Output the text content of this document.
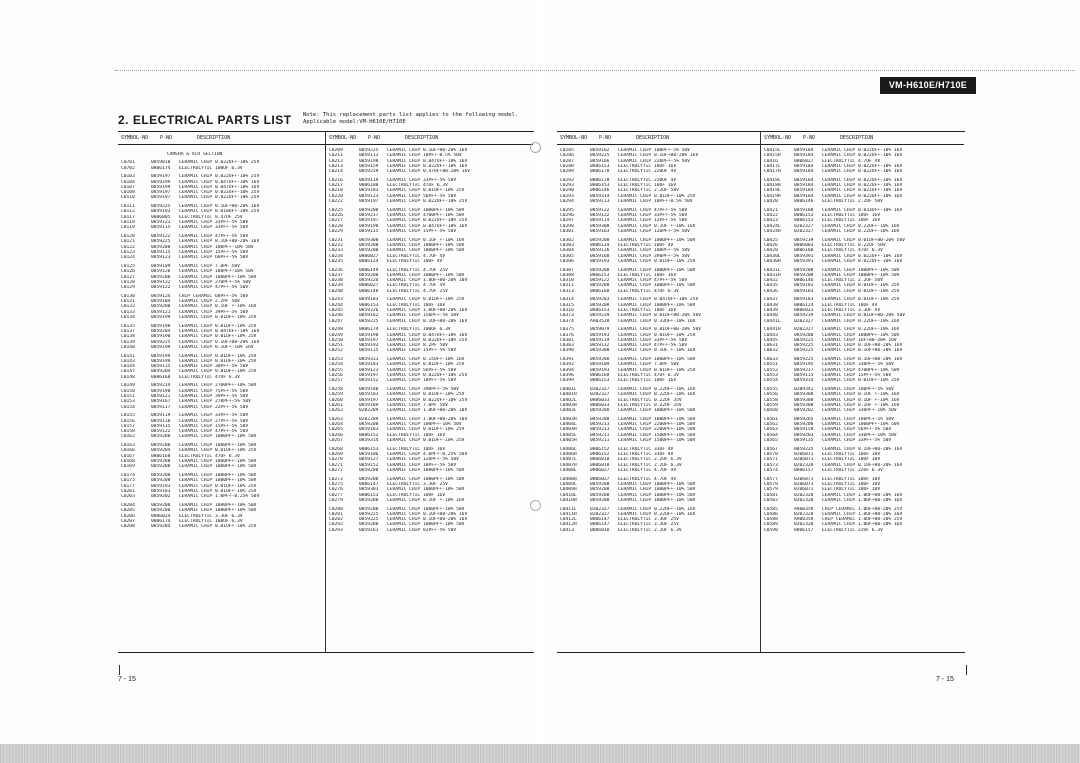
VM-H610E/H710E
2. ELECTRICAL PARTS LIST Note: This replacement parts list applies to the following model.
Applicable model:VM-H610E/H710E
SYMBOL-NO P-NO	DESCRIPTION
CAMERA & VCR SECTION
C0701	0859818 CERAMIC CHIP 0.022UF+-10% 25V
C0702	0806174 ELECTROLYTIC 100UF 6.3V
C0103	0859197 CERAMIC CHIP 0.022UF+-10% 25V
C0104	0859199 CERAMIC CHIP 0.047UF+-10% 16V
C0107	0859199 CERAMIC CHIP 0.047UF+-10% 16V
C0108	0859197 CERAMIC CHIP 0.022UF+-10% 25V
C0110	0859197 CERAMIC CHIP 0.022UF+-10% 25V
C0111	0859225 CERAMIC CHIP 0.1UF+80-20% 16V
C0112	0859193 CERAMIC CHIP 0.010UF+-10% 25V
C0117	0806005 ELECTROLYTIC 0.47UF 25V
C0118	0859121 CERAMIC CHIP 33PF+-5% 50V
C0119	0859115 CERAMIC CHIP 33PF+-5% 50V
C0120	0859122 CERAMIC CHIP 47PF+-5% 50V
C0121	0859225 CERAMIC CHIP 0.1UF+80-20% 16V
C0122	0859208 CERAMIC CHIP 100PF+-10% 50V
C0123	0859115 CERAMIC CHIP 15PF+-5% 50V
C0124	0859123 CERAMIC CHIP 68PF+-5% 50V
C0125	0859109 CERAMIC CHIP 7.0PF 50V
C0126	0859126 CERAMIC CHIP 180PF+-10% 50V
C0127	0859208 CERAMIC CHIP 1000PF+-10% 50V
C0128	0859132 CERAMIC CHIP 270PF+-5% 50V
C0129	0859122 CERAMIC CHIP 47PF+-5% 50V
C0130	0859124 CHIP CERAMIC 68PF+-5% 50V
C0131	0859104 CERAMIC CHIP 2.2PF 50V
C0132	0859208 CERAMIC CHIP 0.1UF +-10% 16V
C0133	0859121 CERAMIC CHIP 39PF+-5% 50V
C0134	0859199 CERAMIC CHIP 0.01UF+-10% 25V
C0135	0859198 CERAMIC CHIP 0.01UF+-10% 25V
C0137	0859204 CERAMIC CHIP 0.047UF+-10% 16V
C0138	0859190 CERAMIC CHIP 0.01UF+-10% 25V
C0139	0859225 CERAMIC CHIP 0.1UF+80-20% 16V
C0140	0859199 CERAMIC CHIP 0.1UF+-10% 16V
C0141	0859199 CERAMIC CHIP 0.01UF+-10% 25V
C0143	0859199 CERAMIC CHIP 0.01UF+-10% 25V
C0144	0859115 CERAMIC CHIP 30PF+-5% 50V
C0147	0859204 CERAMIC CHIP 0.01UF+-10% 25V
C0148	0806168 ELECTROLYTIC 47UF 6.3V
C0149	0859214 CERAMIC CHIP 2700PF+-10% 50V
C0150	0859198 CERAMIC CHIP 75PF+-5% 50V
C0151	0859121 CERAMIC CHIP 39PF+-5% 50V
C0153	0859167 CERAMIC CHIP 270PF+-5% 50V
C0154	0859117 CERAMIC CHIP 22PF+-5% 50V
C0155	0859119 CERAMIC CHIP 33PF+-5% 50V
C0156	0859118 CERAMIC CHIP 27PF+-5% 50V
C0157	0859115 CERAMIC CHIP 15PF+-5% 50V
C0158	0859122 CERAMIC CHIP 47PF+-5% 50V
C0162	0859208 CERAMIC CHIP 1000PF+-10% 50V
C0163	0859208 CERAMIC CHIP 1000PF+-10% 50V
C0166	0859204 CERAMIC CHIP 0.01UF+-10% 25V
C0167	0806168 ELECTROLYTIC 47UF 6.3V
C0168	0859208 CERAMIC CHIP 1000PF+-10% 50V
C0169	0859208 CERAMIC CHIP 1000PF+-10% 50V
C0174	0859208 CERAMIC CHIP 1000PF+-10% 50V
C0175	0859208 CERAMIC CHIP 1000PF+-10% 50V
C0177	0859193 CERAMIC CHIP 0.01UF+-10% 25V
C0201	0859183 CERAMIC CHIP 0.01UF+-10% 25V
C0203	0859202 CERAMIC CHIP 1.0PF+-0.25% 50V
C0204	0859208 CERAMIC CHIP 1000PF+-10% 50V
C0205	0859208 CERAMIC CHIP 1000PF+-10% 50V
C0206	0806024 ELECTROLYTIC 3.3UF 6.3V
C0207	0806174 ELECTROLYTIC 100UF 6.3V
C0208	0859204 CERAMIC CHIP 0.01UF+-10% 25V
SYMBOL-NO P-NO	DESCRIPTION
C0209	0859225 CERAMIC CHIP 0.1UF+80-20% 16V
C0211	0859113 CERAMIC CHIP 10PF+-0.5% 50V
C0212	0859198 CERAMIC CHIP 0.047UF+-10% 16V
C0213	0859159 CERAMIC CHIP 0.022UF+-10% 16V
C0214	0859259 CERAMIC CHIP 0.47UF+80-20% 16V
C0216	0859119 CERAMIC CHIP 33PF+-5% 50V
C0217	0806188 ELECTROLYTIC 47UF 6.3V
C0218	0859183 CERAMIC CHIP 0.01UF+-10% 25V
C0220	0859123 CERAMIC CHIP 56PF+-5% 50V
C0222	0859197 CERAMIC CHIP 0.022UF+-10% 25V
C0225	0859208 CERAMIC CHIP 1000PF+-10% 50V
C0226	0859217 CERAMIC CHIP 4700PF+-10% 50V
C0227	0859197 CERAMIC CHIP 0.022UF+-10% 25V
C0228	0859198 CERAMIC CHIP 0.047UF+-10% 16V
C0229	0859115 CERAMIC CHIP 15PF+-5% 50V
C0231	0859308 CERAMIC CHIP 0.1UF +-10% 16V
C0232	0859208 CERAMIC CHIP 1000PF+-10% 50V
C0233	0859208 CERAMIC CHIP 1000PF+-10% 50V
C0234	0806027 ELECTROLYTIC 4.7UF 4V
C0235	0806124 ELECTROLYTIC 10UF 4V
C0236	0806149 ELECTROLYTIC 4.7UF 25V
C0237	0859208 CERAMIC CHIP 1000PF+-10% 50V
C0238	0859226 CERAMIC CHIP 1.0UF+80-20% 10V
C0239	0806027 ELECTROLYTIC 4.7UF 4V
C0240	0806148 ELECTROLYTIC 4.7UF 25V
C0243	0859183 CERAMIC CHIP 0.01UF+-10% 25V
C0244	0806153 ELECTROLYTIC 10UF 16V
C0245	0859226 CERAMIC CHIP 1.0UF+80-20% 16V
C0246	0859162 CERAMIC CHIP 150PF+-5% 50V
C0247	0859225 CERAMIC CHIP 0.1UF+80-20% 16V
C0248	0806174 ELECTROLYTIC 100UF 6.3V
C0249	0859198 CERAMIC CHIP 0.047UF+-10% 16V
C0250	0859197 CERAMIC CHIP 0.022UF+-10% 25V
C0251	0859193 CERAMIC CHIP 8.2PF 50V
C0252	0859115 CERAMIC CHIP 15PF+-5% 50V
C0253	0859311 CERAMIC CHIP 0.15UF+-10% 16V
C0254	0859183 CERAMIC CHIP 0.01UF+-10% 25V
C0255	0859123 CERAMIC CHIP 56PF+-5% 50V
C0256	0859197 CERAMIC CHIP 0.022UF+-10% 25V
C0257	0859152 CERAMIC CHIP 18PF+-5% 50V
C0258	0859180 CERAMIC CHIP 390PF+-5% 50V
C0259	0859183 CERAMIC CHIP 0.01UF+-10% 25V
C0260	0859197 CERAMIC CHIP 0.022UF+-10% 25V
C0261	0859189 CERAMIC CHIP 7.0PF 50V
C0262	0202289 CERAMIC CHIP 1.0UF+80-20% 10V
C0263	0202289 CERAMIC CHIP 1.0UF+80-20% 10V
C0264	0859208 CERAMIC CHIP 100PF+-10% 50V
C0265	0859183 CERAMIC CHIP 0.01UF+-10% 25V
C0266	0806152 ELECTROLYTIC 10UF 16V
C0267	0859314 CERAMIC CHIP 0.01UF+-10% 25V
C0268	0806153 ELECTROLYTIC 10UF 16V
C0269	0859106 CERAMIC CHIP 4.0PF+-0.25% 50V
C0270	0859127 CERAMIC CHIP 120PF+-5% 50V
C0271	0859152 CERAMIC CHIP 18PF+-5% 50V
C0272	0859208 CERAMIC CHIP 1000PF+-10% 50V
C0273	0859208 CERAMIC CHIP 1000PF+-10% 50V
C0275	0806147 ELECTROLYTIC 3.3UF 25V
C0276	0859301 CERAMIC CHIP 1000PF+-10% 50V
C0277	0806153 ELECTROLYTIC 10UF 16V
C0279	0859208 CERAMIC CHIP 0.1UF +-10% 16V
C0280	0859208 CERAMIC CHIP 1000PF+-10% 50V
C0281	0859225 CERAMIC CHIP 0.1UF+80-20% 16V
C0282	0859225 CERAMIC CHIP 0.1UF+80-20% 16V
C0292	0859208 CERAMIC CHIP 1000PF+-10% 50V
C0293	0859161 CERAMIC CHIP 82PF+-5% 50V
SYMBOL-NO P-NO	DESCRIPTION
C0285	0859162 CERAMIC CHIP 100PF+-5% 50V
C0286	0859225 CERAMIC CHIP 0.1UF+80-20% 16V
C0287	0859166 CERAMIC CHIP 220PF+-5% 50V
C0288	0806153 ELECTROLYTIC 10UF 16V
C0289	0806178 ELECTROLYTIC 220UF 4V
C0292	0806178 ELECTROLYTIC 220UF 4V
C0293	0806153 ELECTROLYTIC 10UF 16V
C0290	0806146 ELECTROLYTIC 2.2UF 50V
C0293	0859314 CERAMIC CHIP 0.01UF+-10% 25V
C0294	0859113 CERAMIC CHIP 10PF+-0.5% 50V
C0295	0859122 CERAMIC CHIP 47PF+-5% 50V
C0296	0859122 CERAMIC CHIP 33PF+-5% 50V
C0297	0859114 CERAMIC CHIP 12PF+-5% 50V
C0298	0859308 CERAMIC CHIP 0.1UF +-10% 16V
C0301	0859163 CERAMIC CHIP 120PF+-5% 50V
C0302	0859208 CERAMIC CHIP 1000PF+-10% 50V
C0303	0806124 ELECTROLYTIC 10UF 4V
C0304	0859126 CERAMIC CHIP 100PF+-5% 50V
C0305	0859168 CERAMIC CHIP 390PF+-5% 50V
C0306	0859193 CERAMIC CHIP 0.01UF+-10% 25V
C0307	0859208 CERAMIC CHIP 1000PF+-10% 50V
C0308	0806153 ELECTROLYTIC 10UF 16V
C0310	0859122 CERAMIC CHIP 47PF+-5% 50V
C0311	0859208 CERAMIC CHIP 1000PF+-10% 50V
C0313	0806168 ELECTROLYTIC 47UF 6.3V
C0314	0859203 CERAMIC CHIP 0.047UF+-10% 25V
C0315	0859208 CERAMIC CHIP 1000PF+-10% 50V
C0316	0806153 ELECTROLYTIC 10UF 16V
C0373	0859239 CERAMIC CHIP 0.01UF+80-20% 50V
C0374	AA0352R CERAMIC CHIP 0.33UF+-10% 16V
C0375	0859079 CERAMIC CHIP 0.01UF+80-20% 50V
C0376	0859193 CERAMIC CHIP 0.01UF+-10% 25V
C0381	0859119 CERAMIC CHIP 33PF+-5% 50V
C0383	0859122 CERAMIC CHIP 47PF+-5% 50V
C0390	0859308 CERAMIC CHIP 0.1UF +-10% 16V
C0391	0859208 CERAMIC CHIP 1000PF+-10% 50V
C0392	0859109 CERAMIC CHIP 7.0PF 50V
C0394	0859193 CERAMIC CHIP 0.01UF+-10% 25V
C0396	0806168 ELECTROLYTIC 47UF 6.3V
C0399	0806153 ELECTROLYTIC 10UF 16V
C0401L	0202327 CERAMIC CHIP 0.22UF+-10% 16V
C0401H	0202327 CERAMIC CHIP 0.22UF+-10% 16V
C0402L	0806033 ELECTROLYTIC 0.22UF 35V
C0403H	0806033 ELECTROLYTIC 0.22UF 35V
C0403L	0859208 CERAMIC CHIP 1000PF+-10% 50V
C0403H	0859208 CERAMIC CHIP 1000PF+-10% 50V
C0404L	0859213 CERAMIC CHIP 2200PF+-10% 50V
C0404H	0859213 CERAMIC CHIP 2200PF+-10% 50V
C0405L	0859211 CERAMIC CHIP 1500PF+-10% 50V
C0405H	0859211 CERAMIC CHIP 1500PF+-10% 50V
C0406L	0806152 ELECTROLYTIC 33UF 4V
C0406H	0806152 ELECTROLYTIC 33UF 4V
C0407L	0806018 ELECTROLYTIC 2.2UF 6.3V
C0407H	0806018 ELECTROLYTIC 2.2UF 6.3V
C0408L	0806027 ELECTROLYTIC 4.7UF 4V
C0408H	0806027 ELECTROLYTIC 4.7UF 4V
C0409L	0859208 CERAMIC CHIP 1000PF+-10% 50V
C0409H	0859208 CERAMIC CHIP 1000PF+-10% 50V
C0410L	0859208 CERAMIC CHIP 1000PF+-10% 50V
C0410H	0859208 CERAMIC CHIP 1000PF+-10% 50V
C0411L	0202327 CERAMIC CHIP 0.22UF+-10% 16V
C0411H	0202327 CERAMIC CHIP 0.22UF+-10% 16V
C0412L	0806147 ELECTROLYTIC 3.3UF 25V
C0412H	0806147 ELECTROLYTIC 3.3UF 25V
C0413	0806018 ELECTROLYTIC 2.2UF 6.3V
SYMBOL-NO P-NO	DESCRIPTION
C0415L	0859184 CERAMIC CHIP 0.022UF+-10% 16V
C0415H	0859184 CERAMIC CHIP 0.022UF+-10% 16V
C0416	0806027 ELECTROLYTIC 4.7UF 4V
C0417L	0859184 CERAMIC CHIP 0.022UF+-10% 16V
C0417H	0859184 CERAMIC CHIP 0.022UF+-10% 16V
C0418L	0859184 CERAMIC CHIP 0.022UF+-10% 16V
C0418H	0859184 CERAMIC CHIP 0.022UF+-10% 16V
C0419L	0859184 CERAMIC CHIP 0.022UF+-10% 16V
C0419H	0859184 CERAMIC CHIP 0.022UF+-10% 16V
C0420	0806146 ELECTROLYTIC 2.2UF 50V
C0421	0859188 CERAMIC CHIP 0.033UF+-10% 16V
C0422	0806153 ELECTROLYTIC 10UF 16V
C0423	0806153 ELECTROLYTIC 10UF 16V
C0424L	0202327 CERAMIC CHIP 0.22UF+-10% 16V
C0424H	0202327 CERAMIC CHIP 0.22UF+-10% 16V
C0425	0859239 CERAMIC CHIP 0.01UF+80-20% 50V
C0426	0806003 ELECTROLYTIC 0.22UF 50V
C0428	0806168 ELECTROLYTIC 47UF 6.3V
C0430L	0859391 CERAMIC CHIP 0.022UF+-10% 16V
C0430H	0859391 CERAMIC CHIP 0.022UF+-10% 16V
C0431L	0859208 CERAMIC CHIP 1000PF+-10% 50V
C0431H	0859208 CERAMIC CHIP 1000PF+-10% 50V
C0432	0806146 ELECTROLYTIC 2.2UF 50V
C0435	0859183 CERAMIC CHIP 0.01UF+-10% 25V
C0436	0859183 CERAMIC CHIP 0.01UF+-10% 25V
C0437	0859183 CERAMIC CHIP 0.01UF+-10% 25V
C0438	0806124 ELECTROLYTIC 10UF 4V
C0439	0806023 ELECTROLYTIC 3.3UF 4V
C0440	0859239 CERAMIC CHIP 0.01UF+80-20% 50V
C0441L	0202327 CERAMIC CHIP 0.22UF+-10% 16V
C0441H	0202327 CERAMIC CHIP 0.22UF+-10% 16V
C0443	0859208 CERAMIC CHIP 1000PF+-10% 50V
C0445	0859225 CERAMIC CHIP 1UF+80-20% 16V
C0631	0859225 CERAMIC CHIP 0.1UF+80-20% 16V
C0632	0859225 CERAMIC CHIP 0.1UF+80-20% 16V
C0633	0859225 CERAMIC CHIP 0.1UF+80-20% 16V
C0551	0859195 CERAMIC CHIP 330PF+-5% 50V
C0552	0859217 CERAMIC CHIP 4700PF+-10% 50V
C0553	0859115 CERAMIC CHIP 15PF+-5% 50V
C0554	0859314 CERAMIC CHIP 0.01UF+-10% 25V
C0555	0209342 CERAMIC CHIP 100PF+-5% 50V
C0556	0859308 CERAMIC CHIP 0.1UF +-10% 16V
C0558	0859308 CERAMIC CHIP 0.1UF +-10% 16V
C0559	0859308 CERAMIC CHIP 0.1UF +-10% 16V
C0560	0859202 CERAMIC CHIP 330PF+-10% 50V
C0561	0859265 CERAMIC CHIP 180PF+-5% 50V
C0562	0859208 CERAMIC CHIP 1000PF+-10% 50V
C0563	0859158 CERAMIC CHIP 56PF+-5% 50V
C0564	0859203 CERAMIC CHIP 330PF+-10% 50V
C0565	0859135 CERAMIC CHIP 33PF+-5% 50V
C0567	0859225 CERAMIC CHIP 0.1UF+80-20% 16V
C0570	0206071 ELECTROLYTIC 10UF 10V
C0571	0206071 ELECTROLYTIC 10UF 10V
C0573	0202328 CERAMIC CHIP 0.1UF+80-20% 16V
C0574	0806157 ELECTROLYTIC 22UF 6.3V
C0577	0206071 ELECTROLYTIC 10UF 10V
C0578	0206071 ELECTROLYTIC 10UF 10V
C0579	0206071 ELECTROLYTIC 10UF 10V
C0581	0202328 CERAMIC CHIP 1.0UF+80-20% 16V
C0582	0202328 CERAMIC CHIP 1.0UF+80-20% 16V
C0585	AA0035R CHIP CERAMIC 1.0UF+80-20% 25V
C0586	0202328 CERAMIC CHIP 1.0UF+80-20% 16V
C0588	AA0035R CHIP CERAMIC 1.0UF+80-20% 25V
C0589	0202328 CERAMIC CHIP 1.0UF+80-20% 16V
C0590	0806157 ELECTROLYTIC 22UF 6.3V
7 - 15	7 - 15
